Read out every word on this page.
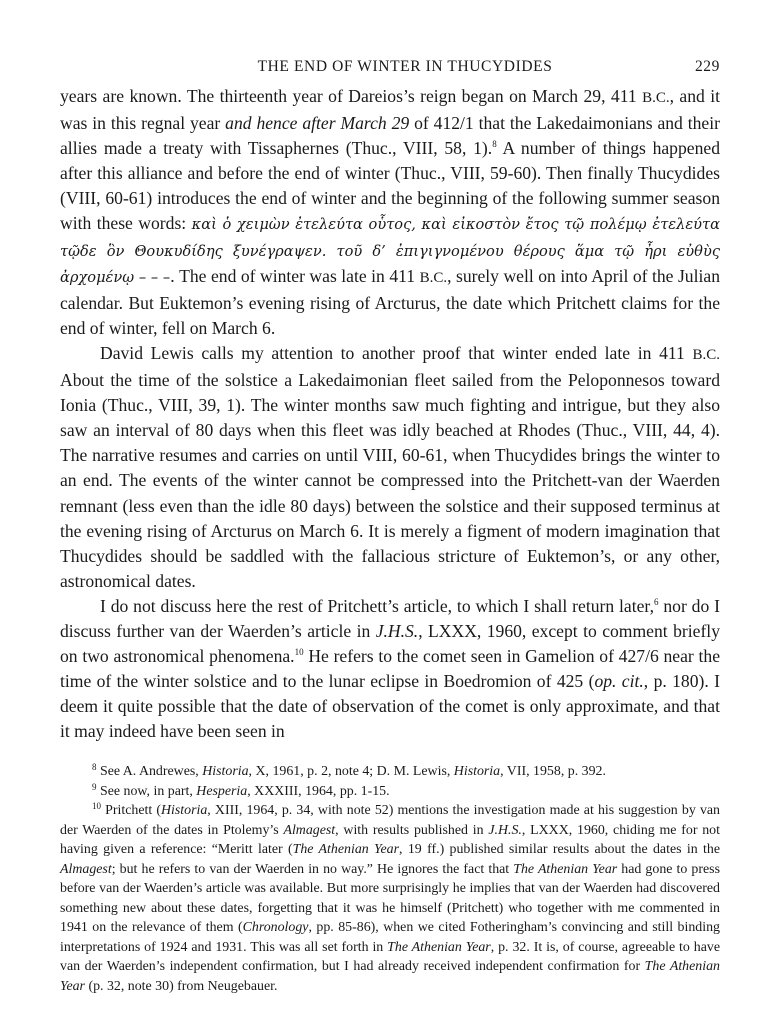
THE END OF WINTER IN THUCYDIDES	229

years are known. The thirteenth year of Dareios’s reign began on March 29, 411 B.C., and it was in this regnal year and hence after March 29 of 412/1 that the Lakedaimonians and their allies made a treaty with Tissaphernes (Thuc., VIII, 58, 1).$^8$ A number of things happened after this alliance and before the end of winter (Thuc., VIII, 59-60). Then finally Thucydides (VIII, 60-61) introduces the end of winter and the beginning of the following summer season with these words: καὶ ὁ χειμὼν ἐτελεύτα οὗτος, καὶ εἰκοστὸν ἔτος τῷ πολέμῳ ἐτελεύτα τῷδε ὃν Θουκυδίδης ξυνέγραψεν. τοῦ δ’ ἐπιγιγνομένου θέρους ἅμα τῷ ἦρι εὐθὺς ἀρχομένῳ – – –. The end of winter was late in 411 B.C., surely well on into April of the Julian calendar. But Euktemon’s evening rising of Arcturus, the date which Pritchett claims for the end of winter, fell on March 6.

David Lewis calls my attention to another proof that winter ended late in 411 B.C. About the time of the solstice a Lakedaimonian fleet sailed from the Peloponnesos toward Ionia (Thuc., VIII, 39, 1). The winter months saw much fighting and intrigue, but they also saw an interval of 80 days when this fleet was idly beached at Rhodes (Thuc., VIII, 44, 4). The narrative resumes and carries on until VIII, 60-61, when Thucydides brings the winter to an end. The events of the winter cannot be compressed into the Pritchett-van der Waerden remnant (less even than the idle 80 days) between the solstice and their supposed terminus at the evening rising of Arcturus on March 6. It is merely a figment of modern imagination that Thucydides should be saddled with the fallacious stricture of Euktemon’s, or any other, astronomical dates.

I do not discuss here the rest of Pritchett’s article, to which I shall return later,$^6$ nor do I discuss further van der Waerden’s article in J.H.S., LXXX, 1960, except to comment briefly on two astronomical phenomena.$^{10}$ He refers to the comet seen in Gamelion of 427/6 near the time of the winter solstice and to the lunar eclipse in Boedromion of 425 (op. cit., p. 180). I deem it quite possible that the date of observation of the comet is only approximate, and that it may indeed have been seen in

$^8$ See A. Andrewes, Historia, X, 1961, p. 2, note 4; D. M. Lewis, Historia, VII, 1958, p. 392.

$^9$ See now, in part, Hesperia, XXXIII, 1964, pp. 1-15.

$^{10}$ Pritchett (Historia, XIII, 1964, p. 34, with note 52) mentions the investigation made at his suggestion by van der Waerden of the dates in Ptolemy’s Almagest, with results published in J.H.S., LXXX, 1960, chiding me for not having given a reference: “Meritt later (The Athenian Year, 19 ff.) published similar results about the dates in the Almagest; but he refers to van der Waerden in no way.” He ignores the fact that The Athenian Year had gone to press before van der Waerden’s article was available. But more surprisingly he implies that van der Waerden had discovered something new about these dates, forgetting that it was he himself (Pritchett) who together with me commented in 1941 on the relevance of them (Chronology, pp. 85-86), when we cited Fotheringham’s convincing and still binding interpretations of 1924 and 1931. This was all set forth in The Athenian Year, p. 32. It is, of course, agreeable to have van der Waerden’s independent confirmation, but I had already received independent confirmation for The Athenian Year (p. 32, note 30) from Neugebauer.
